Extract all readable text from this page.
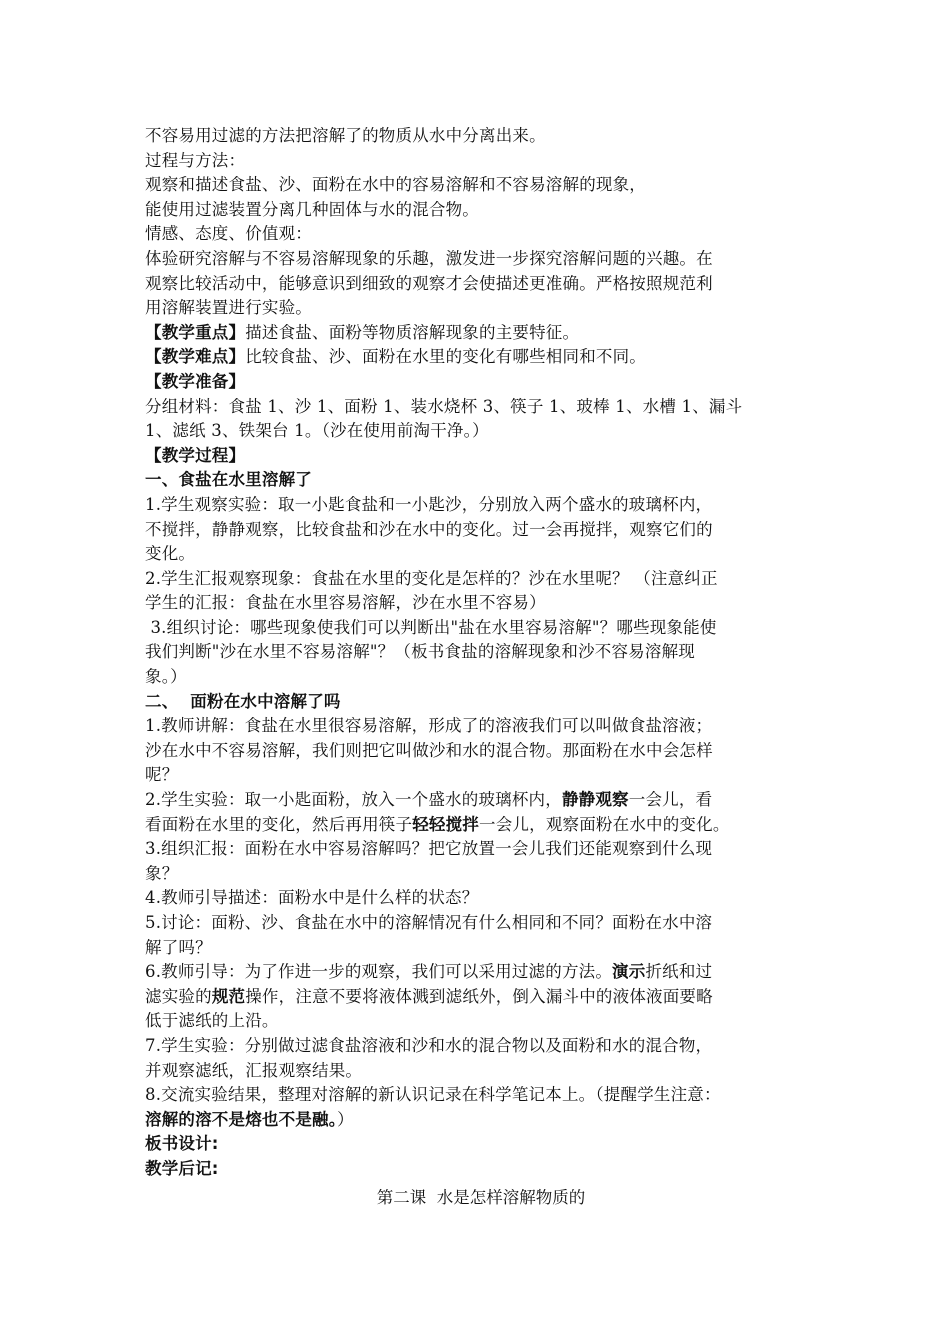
不容易用过滤的方法把溶解了的物质从水中分离出来。
过程与方法：
观察和描述食盐、沙、面粉在水中的容易溶解和不容易溶解的现象，
能使用过滤装置分离几种固体与水的混合物。
情感、态度、价值观：
体验研究溶解与不容易溶解现象的乐趣，激发进一步探究溶解问题的兴趣。在
观察比较活动中，能够意识到细致的观察才会使描述更准确。严格按照规范利
用溶解装置进行实验。
【教学重点】描述食盐、面粉等物质溶解现象的主要特征。
【教学难点】比较食盐、沙、面粉在水里的变化有哪些相同和不同。
【教学准备】
分组材料：食盐 1、沙 1、面粉 1、装水烧杯 3、筷子 1、玻棒 1、水槽 1、漏斗
1、滤纸 3、铁架台 1。（沙在使用前淘干净。）
【教学过程】
一、食盐在水里溶解了
1.学生观察实验：取一小匙食盐和一小匙沙，分别放入两个盛水的玻璃杯内，
不搅拌，静静观察，比较食盐和沙在水中的变化。过一会再搅拌，观察它们的
变化。
2.学生汇报观察现象：食盐在水里的变化是怎样的？沙在水里呢？ （注意纠正
学生的汇报：食盐在水里容易溶解，沙在水里不容易）
3.组织讨论：哪些现象使我们可以判断出"盐在水里容易溶解"？哪些现象能使
我们判断"沙在水里不容易溶解"？（板书食盐的溶解现象和沙不容易溶解现
象。）
二、  面粉在水中溶解了吗
1.教师讲解：食盐在水里很容易溶解，形成了的溶液我们可以叫做食盐溶液；
沙在水中不容易溶解，我们则把它叫做沙和水的混合物。那面粉在水中会怎样
呢？
2.学生实验：取一小匙面粉，放入一个盛水的玻璃杯内，静静观察一会儿，看
看面粉在水里的变化，然后再用筷子轻轻搅拌一会儿，观察面粉在水中的变化。
3.组织汇报：面粉在水中容易溶解吗？把它放置一会儿我们还能观察到什么现
象？
4.教师引导描述：面粉水中是什么样的状态？
5.讨论：面粉、沙、食盐在水中的溶解情况有什么相同和不同？面粉在水中溶
解了吗？
6.教师引导：为了作进一步的观察，我们可以采用过滤的方法。演示折纸和过
滤实验的规范操作，注意不要将液体溅到滤纸外，倒入漏斗中的液体液面要略
低于滤纸的上沿。
7.学生实验：分别做过滤食盐溶液和沙和水的混合物以及面粉和水的混合物，
并观察滤纸，汇报观察结果。
8.交流实验结果，整理对溶解的新认识记录在科学笔记本上。（提醒学生注意：
溶解的溶不是熔也不是融。）
板书设计:
教学后记:
第二课  水是怎样溶解物质的
